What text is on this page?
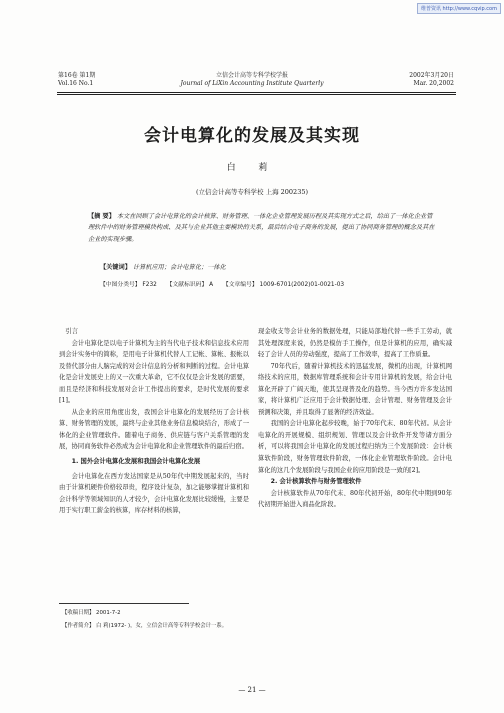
维普资讯 http://www.cqvip.com
第16卷 第1期
Vol.16 No.1
立信会计高等专科学校学报
Journal of LiXin Accounting Institute Quarterly
2002年3月20日
Mar. 20,2002
会计电算化的发展及其实现
白 莉
(立信会计高等专科学校 上海 200235)
【摘 要】 本文在回顾了会计电算化的会计核算、财务管理、一体化企业管理发展历程及其实现方式之后，给出了一体化企业管理软件中的财务管理模块构成、及其与企业其他主要模块的关系，最后结合电子商务的发展，提出了协同商务管理的概念及其在企业的实现步骤。
【关键词】 计算机应用；会计电算化；一体化
【中图分类号】 F232 【文献标识码】 A 【文章编号】 1009-6701(2002)01-0021-03

引言

会计电算化是以电子计算机为主的当代电子技术和信息技术应用到会计实务中的简称，是用电子计算机代替人工记帐、算帐、报帐以及替代部分由人脑完成的对会计信息的分析和判断的过程。会计电算化是会计发展史上的又一次重大革命，它不仅仅是会计发展的需要，而且是经济和科技发展对会计工作提出的要求，是时代发展的要求[1]。

从企业的应用角度出发，我国会计电算化的发展经历了会计核算、财务管理的发展，最终与企业其他业务信息模块结合，形成了一体化的企业管理软件。随着电子商务、供应链与客户关系管理的发展，协同商务软件必然成为会计电算化和企业管理软件的最后归宿。

1. 国外会计电算化发展和我国会计电算化发展

会计电算化在西方发达国家是从50年代中期发展起来的，当时由于计算机硬件价格较昂贵，程序设计复杂，加之能够掌握计算机和会计科学等领域知识的人才较少，会计电算化发展比较缓慢，主要是用于实行职工薪金的核算，库存材料的核算，

现金收支等会计业务的数据处理，只能局部地代替一些手工劳动，就其处理深度来说，仍然是模仿手工操作，但是计算机的应用，确实减轻了会计人员的劳动强度，提高了工作效率，提高了工作质量。

70年代后，随着计算机技术的迅猛发展，微机的出现，计算机网络技术的应用，数据库管理系统和会计专用计算机的发展，给会计电算化开辟了广阔天地，使其呈现普及化的趋势。当今西方许多发达国家，将计算机广泛应用于会计数据处理、会计管理、财务管理及会计预测和决策，并且取得了显著的经济效益。

我国的会计电算化起步较晚，始于70年代末、80年代初。从会计电算化的开展规模、组织规划、管理以及会计软件开发等诸方面分析，可以将我国会计电算化的发展过程归纳为三个发展阶段：会计核算软件阶段，财务管理软件阶段，一体化企业管理软件阶段。会计电算化的这几个发展阶段与我国企业的应用阶段是一致的[2]。

2. 会计核算软件与财务管理软件

会计核算软件从70年代末、80年代初开始，80年代中期到90年代初期开始进入商品化阶段。

【收稿日期】 2001-7-2
【作者简介】 白 莉(1972- )，女，立信会计高等专科学校会计一系。
— 21 —
